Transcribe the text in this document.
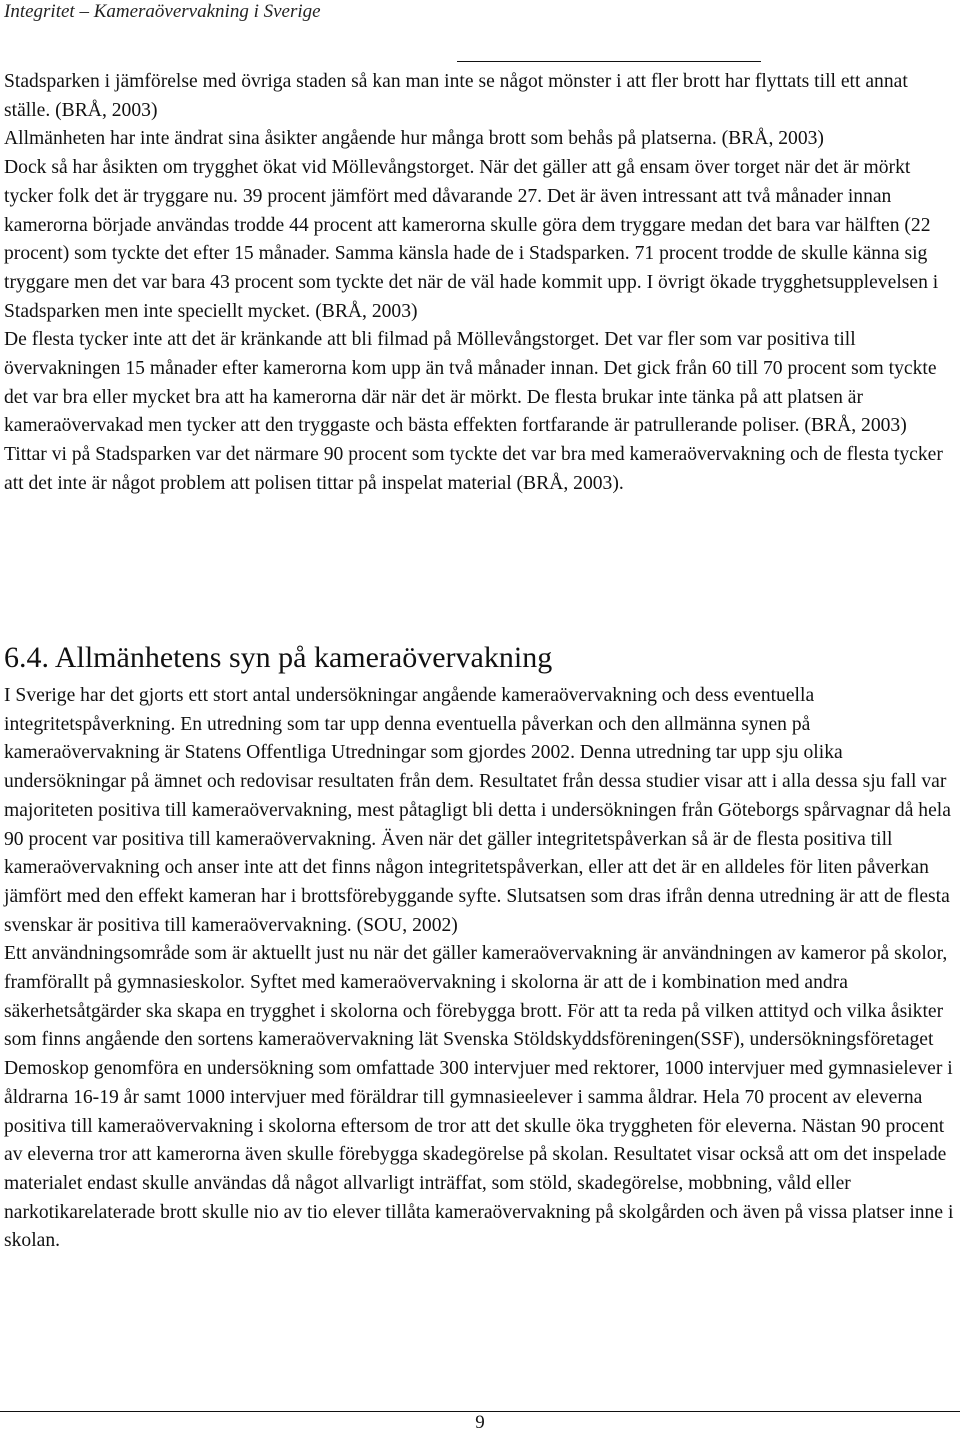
Integritet – Kameraövervakning i Sverige

Stadsparken i jämförelse med övriga staden så kan man inte se något mönster i att fler brott har flyttats till ett annat ställe. (BRÅ, 2003)

Allmänheten har inte ändrat sina åsikter angående hur många brott som behås på platserna. (BRÅ, 2003)

Dock så har åsikten om trygghet ökat vid Möllevångstorget. När det gäller att gå ensam över torget när det är mörkt tycker folk det är tryggare nu. 39 procent jämfört med dåvarande 27. Det är även intressant att två månader innan kamerorna började användas trodde 44 procent att kamerorna skulle göra dem tryggare medan det bara var hälften (22 procent) som tyckte det efter 15 månader. Samma känsla hade de i Stadsparken. 71 procent trodde de skulle känna sig tryggare men det var bara 43 procent som tyckte det när de väl hade kommit upp. I övrigt ökade trygghetsupplevelsen i Stadsparken men inte speciellt mycket. (BRÅ, 2003)

De flesta tycker inte att det är kränkande att bli filmad på Möllevångstorget. Det var fler som var positiva till övervakningen 15 månader efter kamerorna kom upp än två månader innan. Det gick från 60 till 70 procent som tyckte det var bra eller mycket bra att ha kamerorna där när det är mörkt. De flesta brukar inte tänka på att platsen är kameraövervakad men tycker att den tryggaste och bästa effekten fortfarande är patrullerande poliser. (BRÅ, 2003)

Tittar vi på Stadsparken var det närmare 90 procent som tyckte det var bra med kameraövervakning och de flesta tycker att det inte är något problem att polisen tittar på inspelat material (BRÅ, 2003).

6.4. Allmänhetens syn på kameraövervakning

I Sverige har det gjorts ett stort antal undersökningar angående kameraövervakning och dess eventuella integritetspåverkning. En utredning som tar upp denna eventuella påverkan och den allmänna synen på kameraövervakning är Statens Offentliga Utredningar som gjordes 2002. Denna utredning tar upp sju olika undersökningar på ämnet och redovisar resultaten från dem. Resultatet från dessa studier visar att i alla dessa sju fall var majoriteten positiva till kameraövervakning, mest påtagligt bli detta i undersökningen från Göteborgs spårvagnar då hela 90 procent var positiva till kameraövervakning. Även när det gäller integritetspåverkan så är de flesta positiva till kameraövervakning och anser inte att det finns någon integritetspåverkan, eller att det är en alldeles för liten påverkan jämfört med den effekt kameran har i brottsförebyggande syfte. Slutsatsen som dras ifrån denna utredning är att de flesta svenskar är positiva till kameraövervakning. (SOU, 2002)

Ett användningsområde som är aktuellt just nu när det gäller kameraövervakning är användningen av kameror på skolor, framförallt på gymnasieskolor. Syftet med kameraövervakning i skolorna är att de i kombination med andra säkerhetsåtgärder ska skapa en trygghet i skolorna och förebygga brott. För att ta reda på vilken attityd och vilka åsikter som finns angående den sortens kameraövervakning lät Svenska Stöldskyddsföreningen(SSF), undersökningsföretaget Demoskop genomföra en undersökning som omfattade 300 intervjuer med rektorer, 1000 intervjuer med gymnasielever i åldrarna 16-19 år samt 1000 intervjuer med föräldrar till gymnasieelever i samma åldrar. Hela 70 procent av eleverna positiva till kameraövervakning i skolorna eftersom de tror att det skulle öka tryggheten för eleverna. Nästan 90 procent av eleverna tror att kamerorna även skulle förebygga skadegörelse på skolan. Resultatet visar också att om det inspelade materialet endast skulle användas då något allvarligt inträffat, som stöld, skadegörelse, mobbning, våld eller narkotikarelaterade brott skulle nio av tio elever tillåta kameraövervakning på skolgården och även på vissa platser inne i skolan.

9
